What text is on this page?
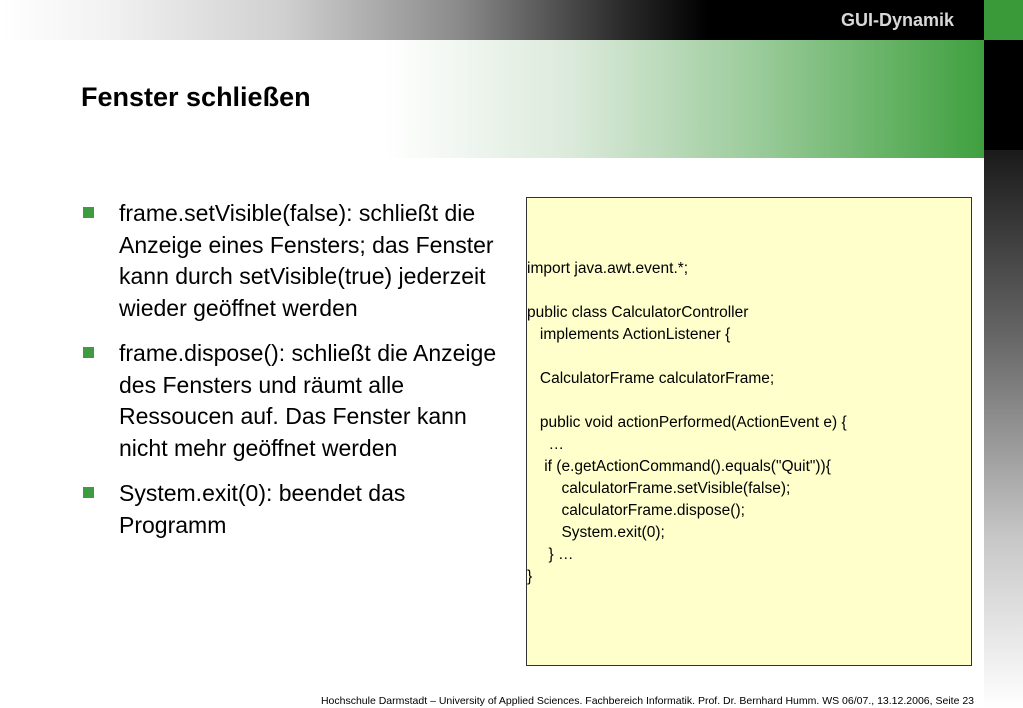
GUI-Dynamik
Fenster schließen
frame.setVisible(false): schließt die Anzeige eines Fensters; das Fenster kann durch setVisible(true) jederzeit wieder geöffnet werden
frame.dispose(): schließt die Anzeige des Fensters und räumt alle Ressoucen auf. Das Fenster kann nicht mehr geöffnet werden
System.exit(0): beendet das Programm
import java.awt.event.*;

public class CalculatorController
implements ActionListener {

CalculatorFrame calculatorFrame;

public void actionPerformed(ActionEvent e) {
…
if (e.getActionCommand().equals("Quit")){
calculatorFrame.setVisible(false);
calculatorFrame.dispose();
System.exit(0);
} …
}
Hochschule Darmstadt – University of Applied Sciences. Fachbereich Informatik. Prof. Dr. Bernhard Humm. WS 06/07., 13.12.2006, Seite 23
